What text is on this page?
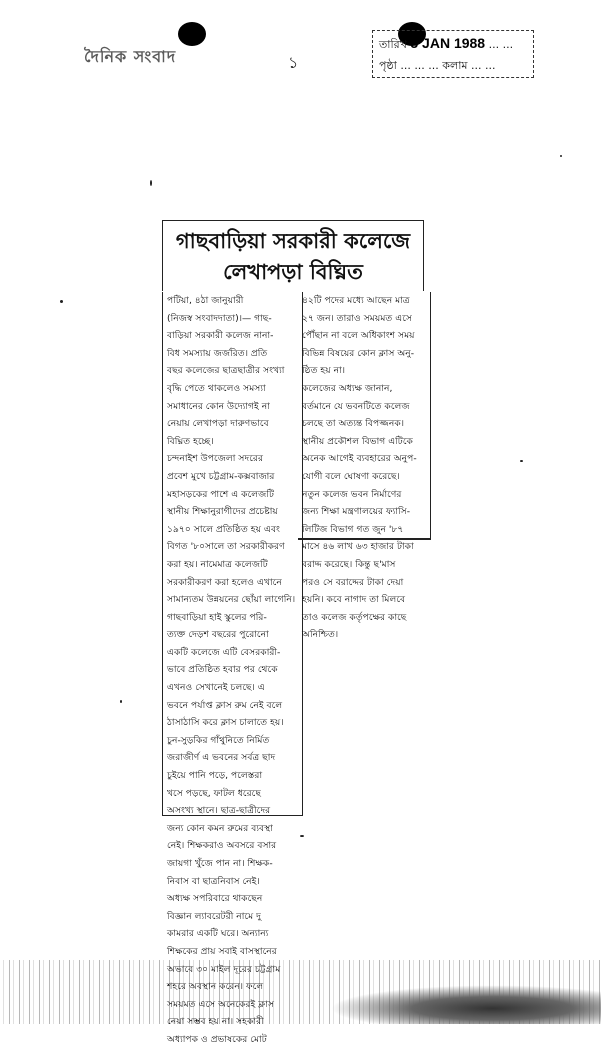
দৈনিক সংবাদ	১
তারিখ 5 JAN 1988 ... ...
পৃষ্ঠা ... ... ... কলাম ... ...
গাছবাড়িয়া সরকারী কলেজে
লেখাপড়া বিঘ্নিত
পটিয়া, ৪ঠা জানুয়ারী
(নিজস্ব সংবাদদাতা)।— গাছ-
বাড়িয়া সরকারী কলেজ নানা-
বিধ সমস্যায় জর্জরিত। প্রতি
বছর কলেজের ছাত্রছাত্রীর সংখ্যা
বৃদ্ধি পেতে থাকলেও সমস্যা
সমাধানের কোন উদ্যোগই না
নেয়ায় লেখাপড়া দারুণভাবে
বিঘ্নিত হচ্ছে।
চন্দনাইশ উপজেলা সদরের
প্রবেশ মুখে চট্টগ্রাম-কক্সবাজার
মহাসড়কের পাশে এ কলেজটি
স্থানীয় শিক্ষানুরাগীদের প্রচেষ্টায়
১৯৭০ সালে প্রতিষ্ঠিত হয় এবং
বিগত '৮০সালে তা সরকারীকরণ
করা হয়। নামেমাত্র কলেজটি
সরকারীকরণ করা হলেও এখানে
সামান্যতম উন্নয়নের ছোঁয়া লাগেনি।
গাছবাড়িয়া হাই স্কুলের পরি-
ত্যক্ত দেড়শ বছরের পুরোনো
একটি কলেজে এটি বেসরকারী-
ভাবে প্রতিষ্ঠিত হবার পর থেকে
এখনও সেখানেই চলছে। এ
ভবনে পর্যাপ্ত ক্লাস রুম নেই বলে
ঠাসাঠাসি করে ক্লাস চালাতে হয়।
চুন-সুড়কির গাঁথুনিতে নির্মিত
জরাজীর্ণ এ ভবনের সর্বত্র ছাদ
চুইয়ে পানি পড়ে, পলেস্তরা
খসে পড়ছে, ফাটল ধরেছে
অসংখ্য স্থানে। ছাত্র-ছাত্রীদের
জন্য কোন কমন রুমের ব্যবস্থা
নেই। শিক্ষকরাও অবসরে বসার
জায়গা খুঁজে পান না। শিক্ষক-
নিবাস বা ছাত্রনিবাস নেই।
অধ্যক্ষ সপরিবারে থাকছেন
বিজ্ঞান ল্যাবরেটরী নামে দু
কামরার একটি ঘরে। অন্যান্য
শিক্ষকের প্রায় সবাই বাসস্থানের
অভাবে ৩০ মাইল দূরের চট্টগ্রাম
শহরে অবস্থান করেন। ফলে
সময়মত এসে অনেকেরই ক্লাস
নেয়া সম্ভব হয় না। সহকারী
অধ্যাপক ও প্রভাষকের মোট
৪২টি পদের মধ্যে আছেন মাত্র
২৭ জন। তারাও সময়মত এসে
পৌঁছান না বলে অধিকাংশ সময়
বিভিন্ন বিষয়ের কোন ক্লাস অনু-
ষ্ঠিত হয় না।
কলেজের অধ্যক্ষ জানান,
বর্তমানে যে ভবনটিতে কলেজ
চলছে তা অত্যন্ত বিপজ্জনক।
স্থানীয় প্রকৌশল বিভাগ এটিকে
অনেক আগেই ব্যবহারের অনুপ-
যোগী বলে ঘোষণা করেছে।
নতুন কলেজ ভবন নির্মাণের
জন্য শিক্ষা মন্ত্রণালয়ের ফ্যাসি-
লিটিজ বিভাগ গত জুন '৮৭
মাসে ৪৬ লাখ ৬৩ হাজার টাকা
বরাদ্দ করেছে। কিন্তু ছ'মাস
পরও সে বরাদ্দের টাকা দেয়া
হয়নি। কবে নাগাদ তা মিলবে
তাও কলেজ কর্তৃপক্ষের কাছে
অনিশ্চিত।
